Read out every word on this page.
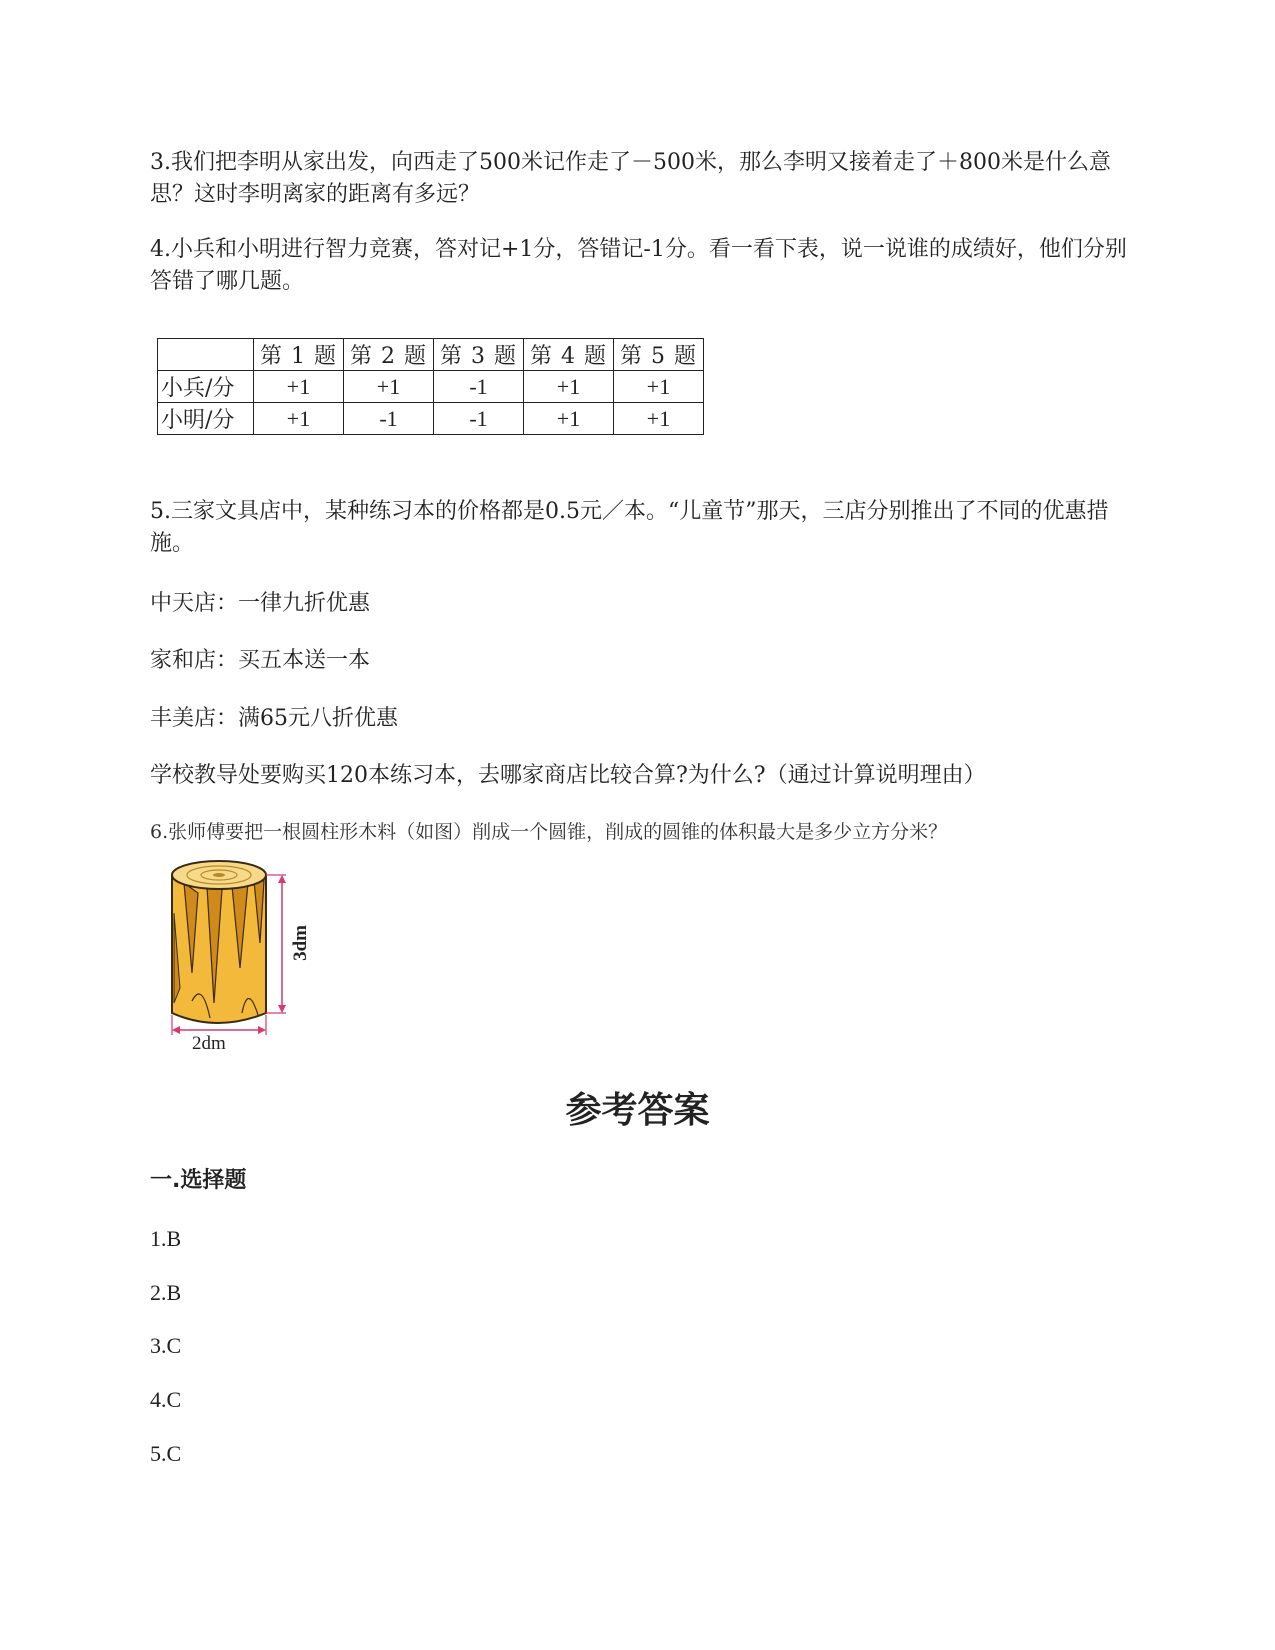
3.我们把李明从家出发，向西走了500米记作走了－500米，那么李明又接着走了＋800米是什么意思？这时李明离家的距离有多远？

4.小兵和小明进行智力竞赛，答对记+1分，答错记-1分。看一看下表，说一说谁的成绩好，他们分别答错了哪几题。

	第 1 题	第 2 题	第 3 题	第 4 题	第 5 题
小兵/分	+1	+1	-1	+1	+1
小明/分	+1	-1	-1	+1	+1

5.三家文具店中，某种练习本的价格都是0.5元／本。“儿童节”那天，三店分别推出了不同的优惠措施。

中天店：一律九折优惠

家和店：买五本送一本

丰美店：满65元八折优惠

学校教导处要购买120本练习本，去哪家商店比较合算?为什么?（通过计算说明理由）

6.张师傅要把一根圆柱形木料（如图）削成一个圆锥，削成的圆锥的体积最大是多少立方分米？

3dm
2dm
参考答案
一.选择题

1.B

2.B

3.C

4.C

5.C
